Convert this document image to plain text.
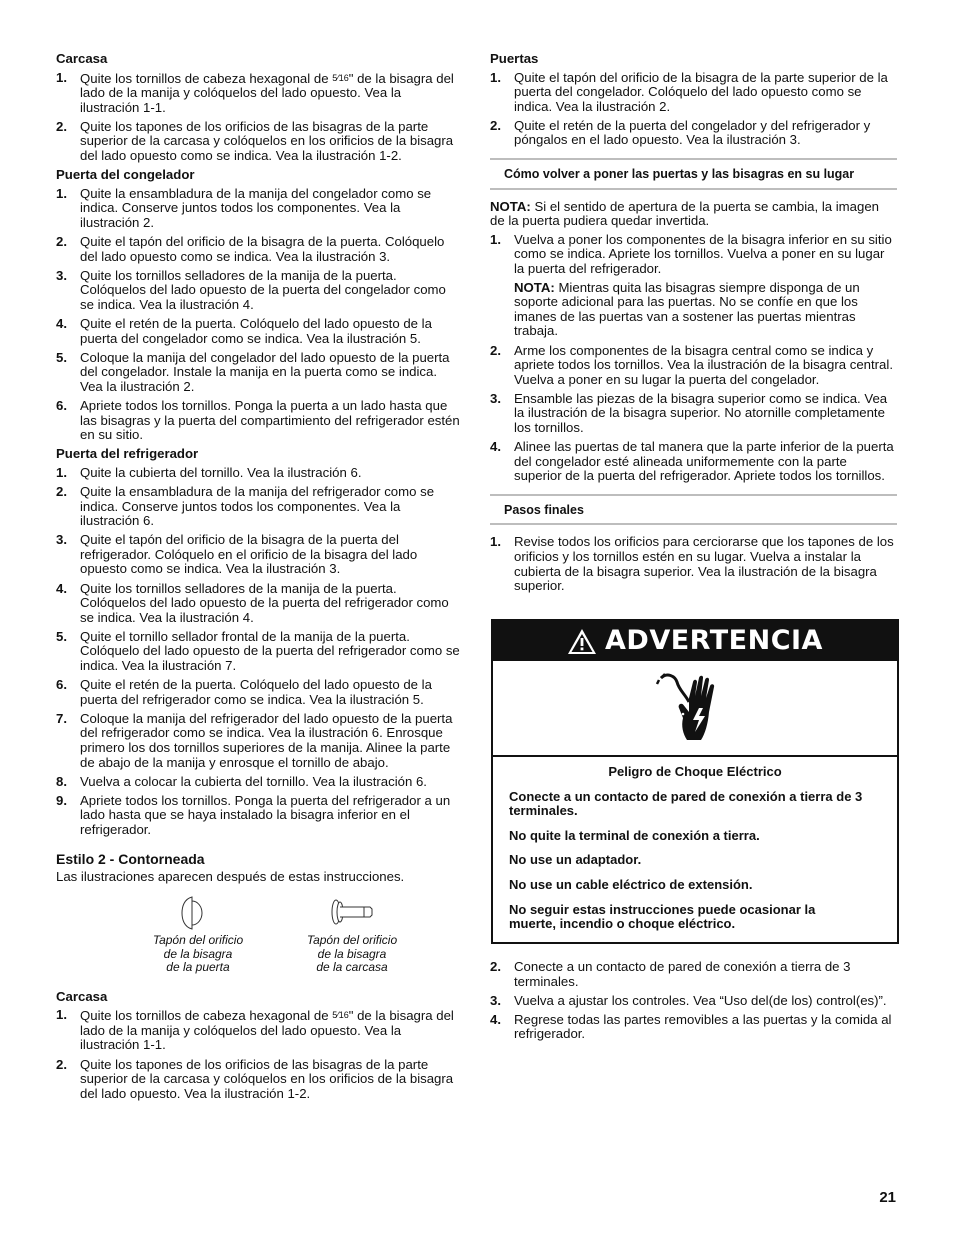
Carcasa
1. Quite los tornillos de cabeza hexagonal de 5⁄16" de la bisagra del lado de la manija y colóquelos del lado opuesto. Vea la ilustración 1-1.
2. Quite los tapones de los orificios de las bisagras de la parte superior de la carcasa y colóquelos en los orificios de la bisagra del lado opuesto como se indica. Vea la ilustración 1-2.
Puerta del congelador
1. Quite la ensambladura de la manija del congelador como se indica. Conserve juntos todos los componentes. Vea la ilustración 2.
2. Quite el tapón del orificio de la bisagra de la puerta. Colóquelo del lado opuesto como se indica. Vea la ilustración 3.
3. Quite los tornillos selladores de la manija de la puerta. Colóquelos del lado opuesto de la puerta del congelador como se indica. Vea la ilustración 4.
4. Quite el retén de la puerta. Colóquelo del lado opuesto de la puerta del congelador como se indica. Vea la ilustración 5.
5. Coloque la manija del congelador del lado opuesto de la puerta del congelador. Instale la manija en la puerta como se indica. Vea la ilustración 2.
6. Apriete todos los tornillos. Ponga la puerta a un lado hasta que las bisagras y la puerta del compartimiento del refrigerador estén en su sitio.
Puerta del refrigerador
1. Quite la cubierta del tornillo. Vea la ilustración 6.
2. Quite la ensambladura de la manija del refrigerador como se indica. Conserve juntos todos los componentes. Vea la ilustración 6.
3. Quite el tapón del orificio de la bisagra de la puerta del refrigerador. Colóquelo en el orificio de la bisagra del lado opuesto como se indica. Vea la ilustración 3.
4. Quite los tornillos selladores de la manija de la puerta. Colóquelos del lado opuesto de la puerta del refrigerador como se indica. Vea la ilustración 4.
5. Quite el tornillo sellador frontal de la manija de la puerta. Colóquelo del lado opuesto de la puerta del refrigerador como se indica. Vea la ilustración 7.
6. Quite el retén de la puerta. Colóquelo del lado opuesto de la puerta del refrigerador como se indica. Vea la ilustración 5.
7. Coloque la manija del refrigerador del lado opuesto de la puerta del refrigerador como se indica. Vea la ilustración 6. Enrosque primero los dos tornillos superiores de la manija. Alinee la parte de abajo de la manija y enrosque el tornillo de abajo.
8. Vuelva a colocar la cubierta del tornillo. Vea la ilustración 6.
9. Apriete todos los tornillos. Ponga la puerta del refrigerador a un lado hasta que se haya instalado la bisagra inferior en el refrigerador.
Estilo 2 - Contorneada

Las ilustraciones aparecen después de estas instrucciones.

Tapón del orificio
de la bisagra
de la puerta
Tapón del orificio
de la bisagra
de la carcasa
Carcasa
1. Quite los tornillos de cabeza hexagonal de 5⁄16" de la bisagra del lado de la manija y colóquelos del lado opuesto. Vea la ilustración 1-1.
2. Quite los tapones de los orificios de las bisagras de la parte superior de la carcasa y colóquelos en los orificios de la bisagra del lado opuesto. Vea la ilustración 1-2.
Puertas
1. Quite el tapón del orificio de la bisagra de la parte superior de la puerta del congelador. Colóquelo del lado opuesto como se indica. Vea la ilustración 2.
2. Quite el retén de la puerta del congelador y del refrigerador y póngalos en el lado opuesto. Vea la ilustración 3.
Cómo volver a poner las puertas y las bisagras en su lugar

NOTA: Si el sentido de apertura de la puerta se cambia, la imagen de la puerta pudiera quedar invertida.

1. Vuelva a poner los componentes de la bisagra inferior en su sitio como se indica. Apriete los tornillos. Vuelva a poner en su lugar la puerta del refrigerador.
NOTA: Mientras quita las bisagras siempre disponga de un soporte adicional para las puertas. No se confíe en que los imanes de las puertas van a sostener las puertas mientras trabaja.
2. Arme los componentes de la bisagra central como se indica y apriete todos los tornillos. Vea la ilustración de la bisagra central. Vuelva a poner en su lugar la puerta del congelador.
3. Ensamble las piezas de la bisagra superior como se indica. Vea la ilustración de la bisagra superior. No atornille completamente los tornillos.
4. Alinee las puertas de tal manera que la parte inferior de la puerta del congelador esté alineada uniformemente con la parte superior de la puerta del refrigerador. Apriete todos los tornillos.
Pasos finales
1. Revise todos los orificios para cerciorarse que los tapones de los orificios y los tornillos estén en su lugar. Vuelva a instalar la cubierta de la bisagra superior. Vea la ilustración de la bisagra superior.
ADVERTENCIA
Peligro de Choque Eléctrico

Conecte a un contacto de pared de conexión a tierra de 3 terminales.

No quite la terminal de conexión a tierra.

No use un adaptador.

No use un cable eléctrico de extensión.

No seguir estas instrucciones puede ocasionar la muerte, incendio o choque eléctrico.

2. Conecte a un contacto de pared de conexión a tierra de 3 terminales.
3. Vuelva a ajustar los controles. Vea “Uso del(de los) control(es)”.
4. Regrese todas las partes removibles a las puertas y la comida al refrigerador.
21
